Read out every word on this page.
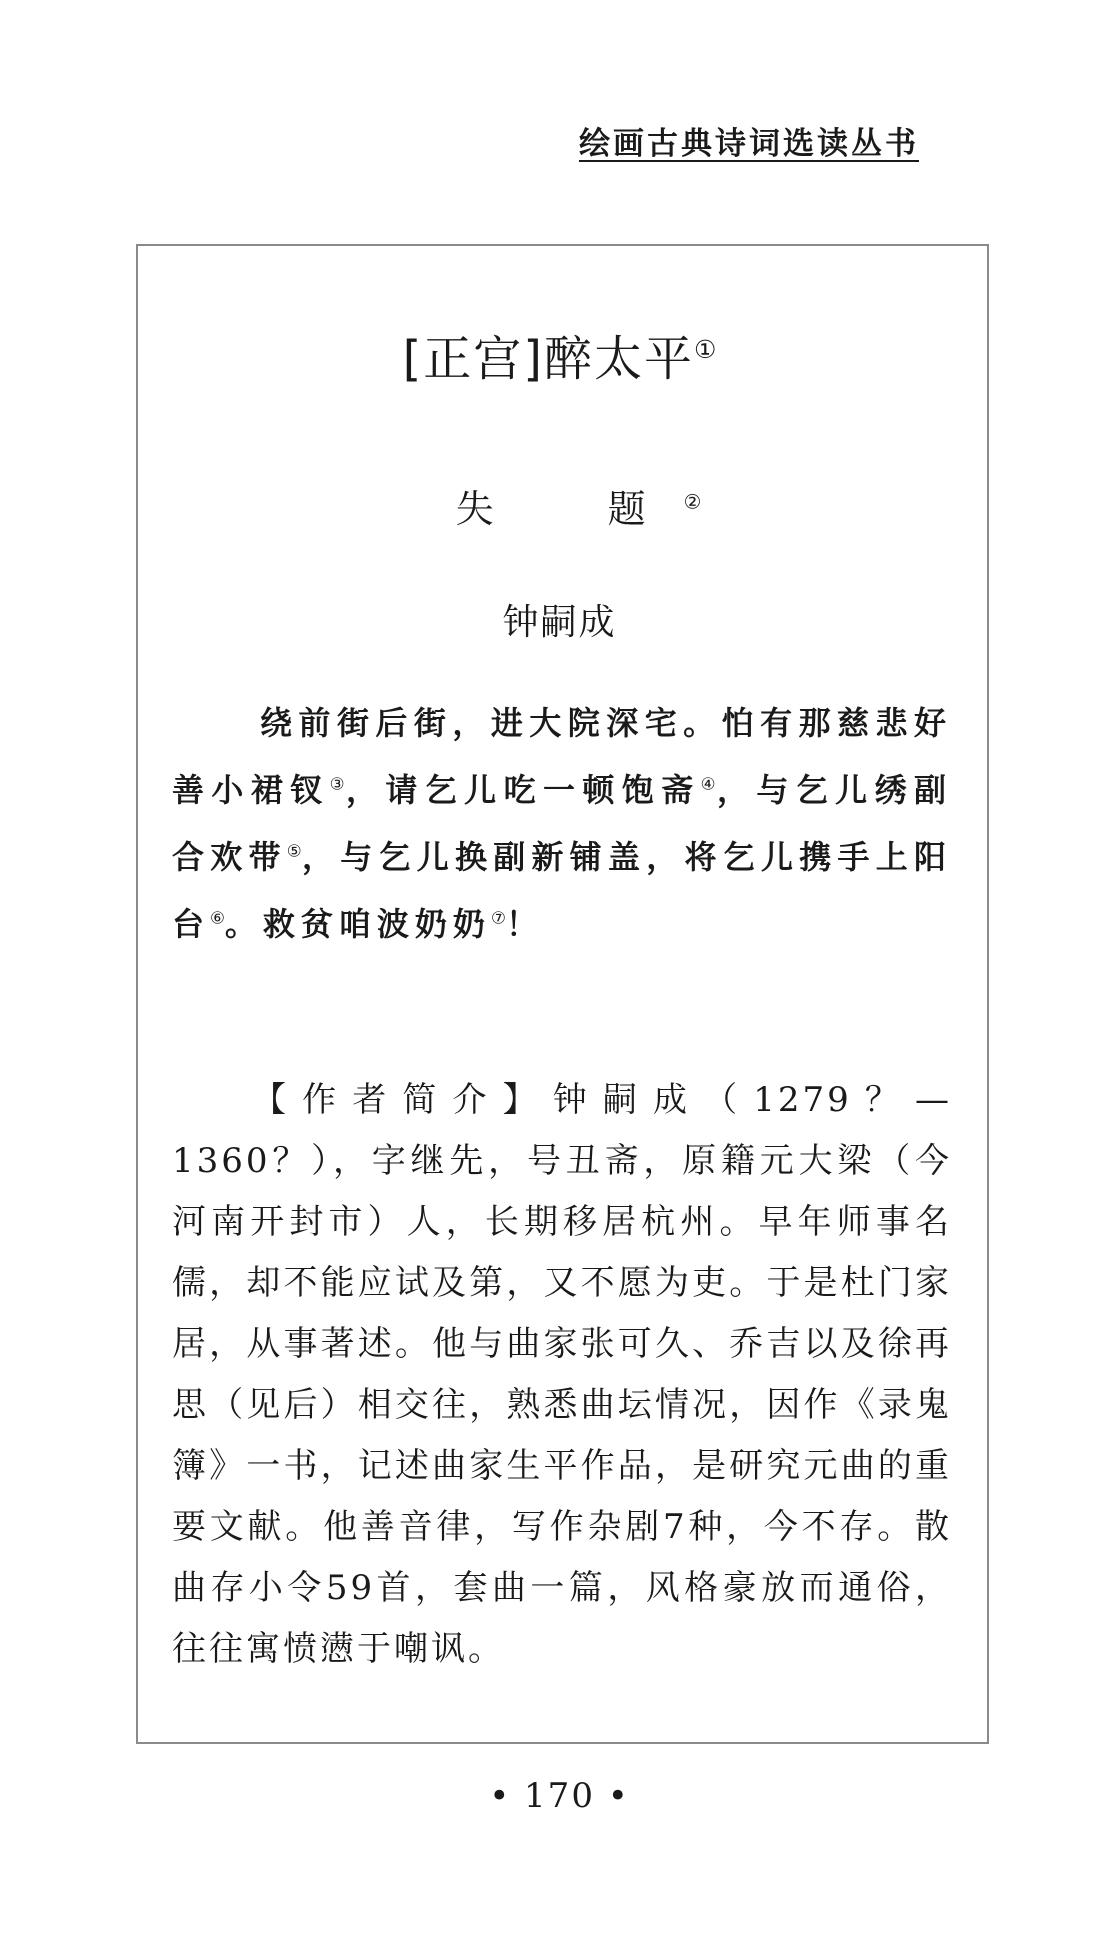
绘画古典诗词选读丛书
[正宫]醉太平①
失　题②
钟嗣成

绕前街后街，进大院深宅。怕有那慈悲好善小裙钗③，请乞儿吃一顿饱斋④，与乞儿绣副合欢带⑤，与乞儿换副新铺盖，将乞儿携手上阳台⑥。救贫咱波奶奶⑦！

【作者简介】钟嗣成（1279？—1360？），字继先，号丑斋，原籍元大梁（今河南开封市）人，长期移居杭州。早年师事名儒，却不能应试及第，又不愿为吏。于是杜门家居，从事著述。他与曲家张可久、乔吉以及徐再思（见后）相交往，熟悉曲坛情况，因作《录鬼簿》一书，记述曲家生平作品，是研究元曲的重要文献。他善音律，写作杂剧7种，今不存。散曲存小令59首，套曲一篇，风格豪放而通俗，往往寓愤懑于嘲讽。

• 170 •
